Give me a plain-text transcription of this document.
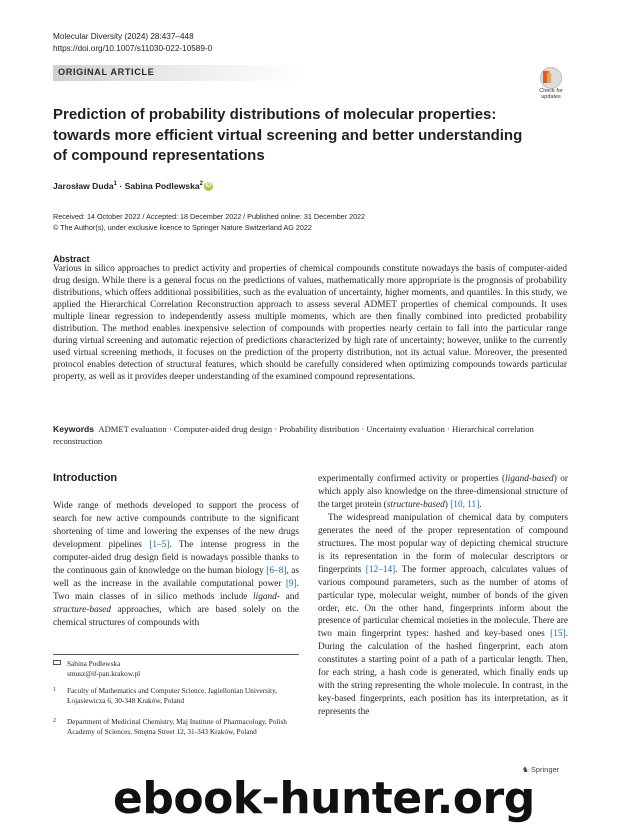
Molecular Diversity (2024) 28:437–448
https://doi.org/10.1007/s11030-022-10589-0
ORIGINAL ARTICLE
Check for updates
Prediction of probability distributions of molecular properties: towards more efficient virtual screening and better understanding of compound representations
Jarosław Duda$^1$ · Sabina Podlewska$^2$ iD
Received: 14 October 2022 / Accepted: 18 December 2022 / Published online: 31 December 2022
© The Author(s), under exclusive licence to Springer Nature Switzerland AG 2022
Abstract
Various in silico approaches to predict activity and properties of chemical compounds constitute nowadays the basis of computer-aided drug design. While there is a general focus on the predictions of values, mathematically more appropriate is the prognosis of probability distributions, which offers additional possibilities, such as the evaluation of uncertainty, higher moments, and quantiles. In this study, we applied the Hierarchical Correlation Reconstruction approach to assess several ADMET properties of chemical compounds. It uses multiple linear regression to independently assess multiple moments, which are then finally combined into predicted probability distribution. The method enables inexpensive selection of compounds with properties nearly certain to fall into the particular range during virtual screening and automatic rejection of predictions characterized by high rate of uncertainty; however, unlike to the currently used virtual screening methods, it focuses on the prediction of the property distribution, not its actual value. Moreover, the presented protocol enables detection of structural features, which should be carefully considered when optimizing compounds towards particular property, as well as it provides deeper understanding of the examined compound representations.
Keywords ADMET evaluation · Computer-aided drug design · Probability distribution · Uncertainty evaluation · Hierarchical correlation reconstruction
Introduction

Wide range of methods developed to support the process of search for new active compounds contribute to the significant shortening of time and lowering the expenses of the new drugs development pipelines [1–5]. The intense progress in the computer-aided drug design field is nowadays possible thanks to the continuous gain of knowledge on the human biology [6–8], as well as the increase in the available computational power [9]. Two main classes of in silico methods include ligand- and structure-based approaches, which are based solely on the chemical structures of compounds with

experimentally confirmed activity or properties (ligand-based) or which apply also knowledge on the three-dimensional structure of the target protein (structure-based) [10, 11].

The widespread manipulation of chemical data by computers generates the need of the proper representation of compound structures. The most popular way of depicting chemical structure is its representation in the form of molecular descriptors or fingerprints [12–14]. The former approach, calculates values of various compound parameters, such as the number of atoms of particular type, molecular weight, number of bonds of the given order, etc. On the other hand, fingerprints inform about the presence of particular chemical moieties in the molecule. There are two main fingerprint types: hashed and key-based ones [15]. During the calculation of the hashed fingerprint, each atom constitutes a starting point of a path of a particular length. Then, for each string, a hash code is generated, which finally ends up with the string representing the whole molecule. In contrast, in the key-based fingerprints, each position has its interpretation, as it represents the

Sabina Podlewska
smusz@if-pan.krakow.pl
1 Faculty of Mathematics and Computer Science, Jagiellonian University, Łojasiewicza 6, 30-348 Kraków, Poland
2 Department of Medicinal Chemistry, Maj Institute of Pharmacology, Polish Academy of Sciences, Smętna Street 12, 31-343 Kraków, Poland
♞ Springer
ebook-hunter.org
